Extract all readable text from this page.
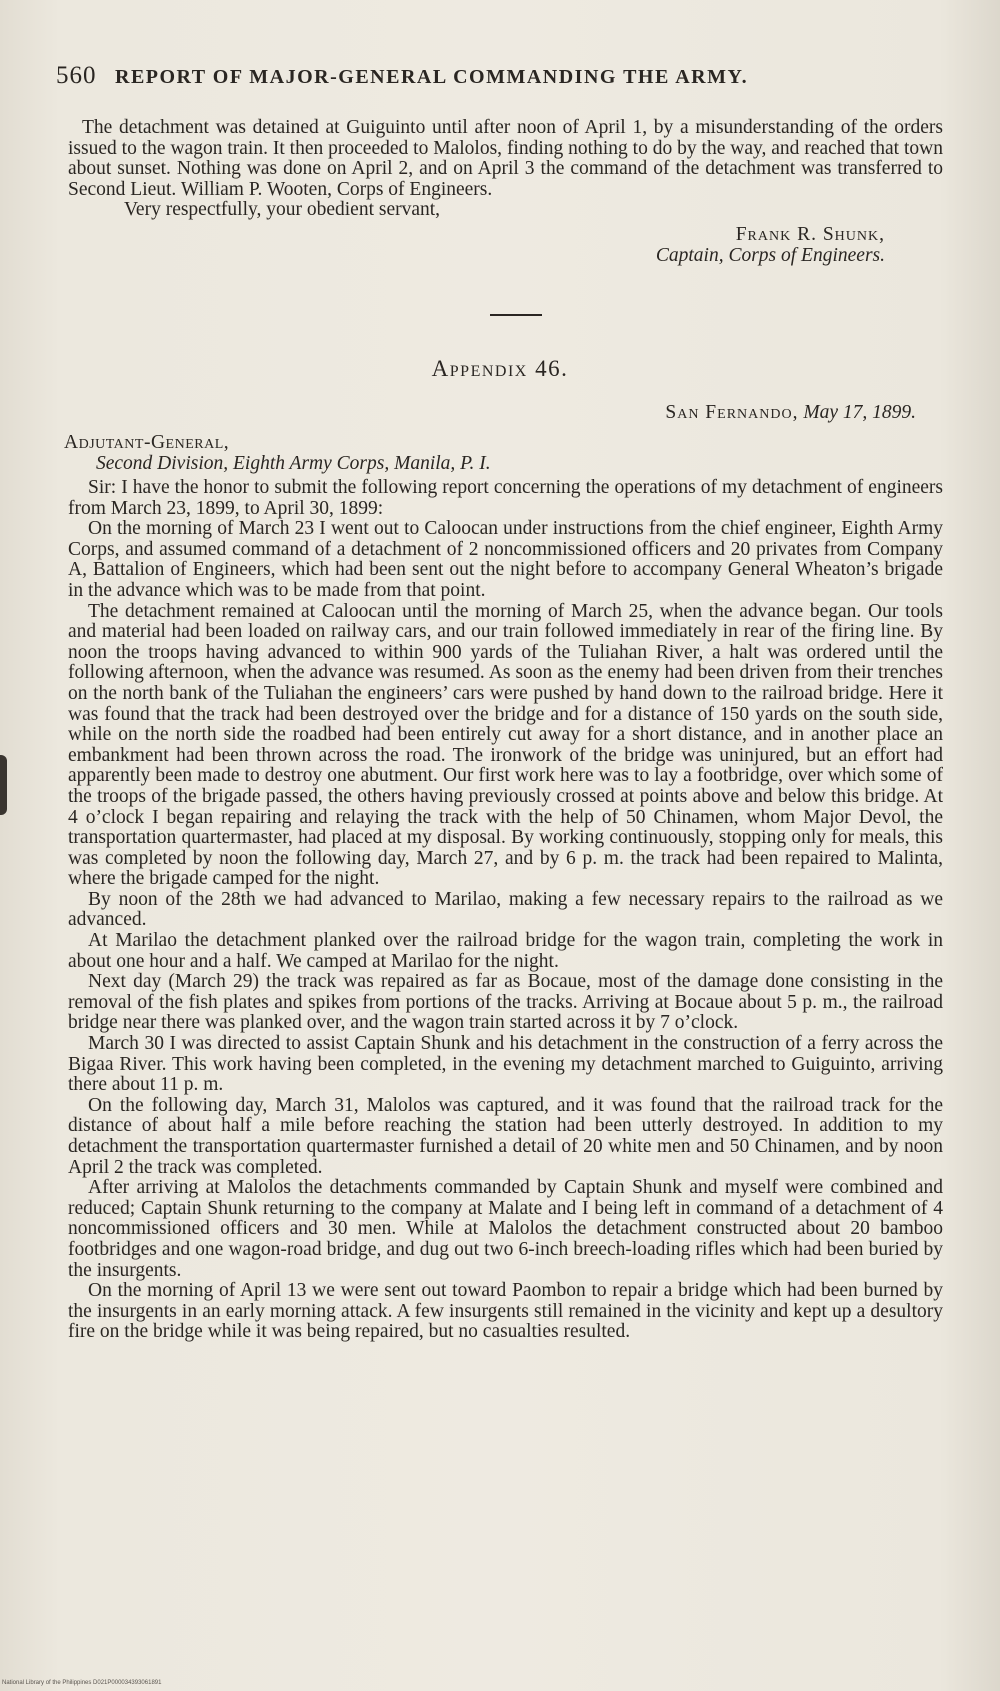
560 REPORT OF MAJOR-GENERAL COMMANDING THE ARMY.

The detachment was detained at Guiguinto until after noon of April 1, by a misunderstanding of the orders issued to the wagon train. It then proceeded to Malolos, finding nothing to do by the way, and reached that town about sunset. Nothing was done on April 2, and on April 3 the command of the detachment was transferred to Second Lieut. William P. Wooten, Corps of Engineers.

Very respectfully, your obedient servant,

Frank R. Shunk,
Captain, Corps of Engineers.
Appendix 46.
San Fernando, May 17, 1899.
Adjutant-General,
Second Division, Eighth Army Corps, Manila, P. I.

Sir: I have the honor to submit the following report concerning the operations of my detachment of engineers from March 23, 1899, to April 30, 1899:

On the morning of March 23 I went out to Caloocan under instructions from the chief engineer, Eighth Army Corps, and assumed command of a detachment of 2 noncommissioned officers and 20 privates from Company A, Battalion of Engineers, which had been sent out the night before to accompany General Wheaton’s brigade in the advance which was to be made from that point.

The detachment remained at Caloocan until the morning of March 25, when the advance began. Our tools and material had been loaded on railway cars, and our train followed immediately in rear of the firing line. By noon the troops having advanced to within 900 yards of the Tuliahan River, a halt was ordered until the following afternoon, when the advance was resumed. As soon as the enemy had been driven from their trenches on the north bank of the Tuliahan the engineers’ cars were pushed by hand down to the railroad bridge. Here it was found that the track had been destroyed over the bridge and for a distance of 150 yards on the south side, while on the north side the roadbed had been entirely cut away for a short distance, and in another place an embankment had been thrown across the road. The ironwork of the bridge was uninjured, but an effort had apparently been made to destroy one abutment. Our first work here was to lay a footbridge, over which some of the troops of the brigade passed, the others having previously crossed at points above and below this bridge. At 4 o’clock I began repairing and relaying the track with the help of 50 Chinamen, whom Major Devol, the transportation quartermaster, had placed at my disposal. By working continuously, stopping only for meals, this was completed by noon the following day, March 27, and by 6 p. m. the track had been repaired to Malinta, where the brigade camped for the night.

By noon of the 28th we had advanced to Marilao, making a few necessary repairs to the railroad as we advanced.

At Marilao the detachment planked over the railroad bridge for the wagon train, completing the work in about one hour and a half. We camped at Marilao for the night.

Next day (March 29) the track was repaired as far as Bocaue, most of the damage done consisting in the removal of the fish plates and spikes from portions of the tracks. Arriving at Bocaue about 5 p. m., the railroad bridge near there was planked over, and the wagon train started across it by 7 o’clock.

March 30 I was directed to assist Captain Shunk and his detachment in the construction of a ferry across the Bigaa River. This work having been completed, in the evening my detachment marched to Guiguinto, arriving there about 11 p. m.

On the following day, March 31, Malolos was captured, and it was found that the railroad track for the distance of about half a mile before reaching the station had been utterly destroyed. In addition to my detachment the transportation quartermaster furnished a detail of 20 white men and 50 Chinamen, and by noon April 2 the track was completed.

After arriving at Malolos the detachments commanded by Captain Shunk and myself were combined and reduced; Captain Shunk returning to the company at Malate and I being left in command of a detachment of 4 noncommissioned officers and 30 men. While at Malolos the detachment constructed about 20 bamboo footbridges and one wagon-road bridge, and dug out two 6-inch breech-loading rifles which had been buried by the insurgents.

On the morning of April 13 we were sent out toward Paombon to repair a bridge which had been burned by the insurgents in an early morning attack. A few insurgents still remained in the vicinity and kept up a desultory fire on the bridge while it was being repaired, but no casualties resulted.

National Library of the Philippines D021P000034393061891
